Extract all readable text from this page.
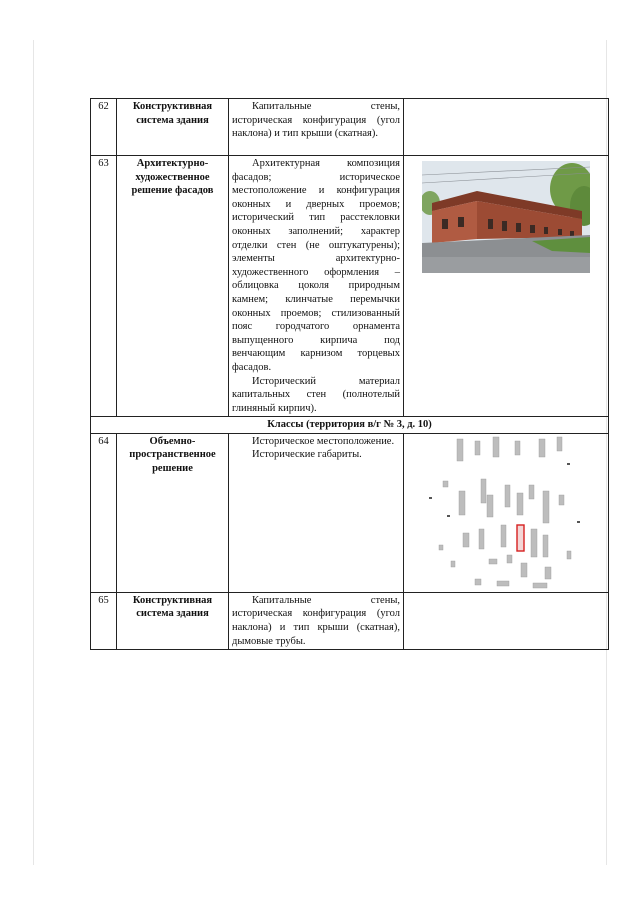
62	Конструктивная система здания	Капитальные стены, историческая конфигурация (угол наклона) и тип крыши (скатная).	

63	Архитектурно-художественное решение фасадов	Архитектурная композиция фасадов; историческое местоположение и конфигурация оконных и дверных проемов; исторический тип расстекловки оконных заполнений; характер отделки стен (не оштукатурены); элементы архитектурно-художественного оформления – облицовка цоколя природным камнем; клинчатые перемычки оконных проемов; стилизованный пояс городчатого орнамента выпущенного кирпича под венчающим карнизом торцевых фасадов.

Исторический материал капитальных стен (полнотелый глиняный кирпич).

Классы (территория в/г № 3, д. 10)			
64	Объемно-пространственное решение	Историческое местоположение.

Исторические габариты.

65	Конструктивная система здания	Капитальные стены, историческая конфигурация (угол наклона) и тип крыши (скатная), дымовые трубы.	
